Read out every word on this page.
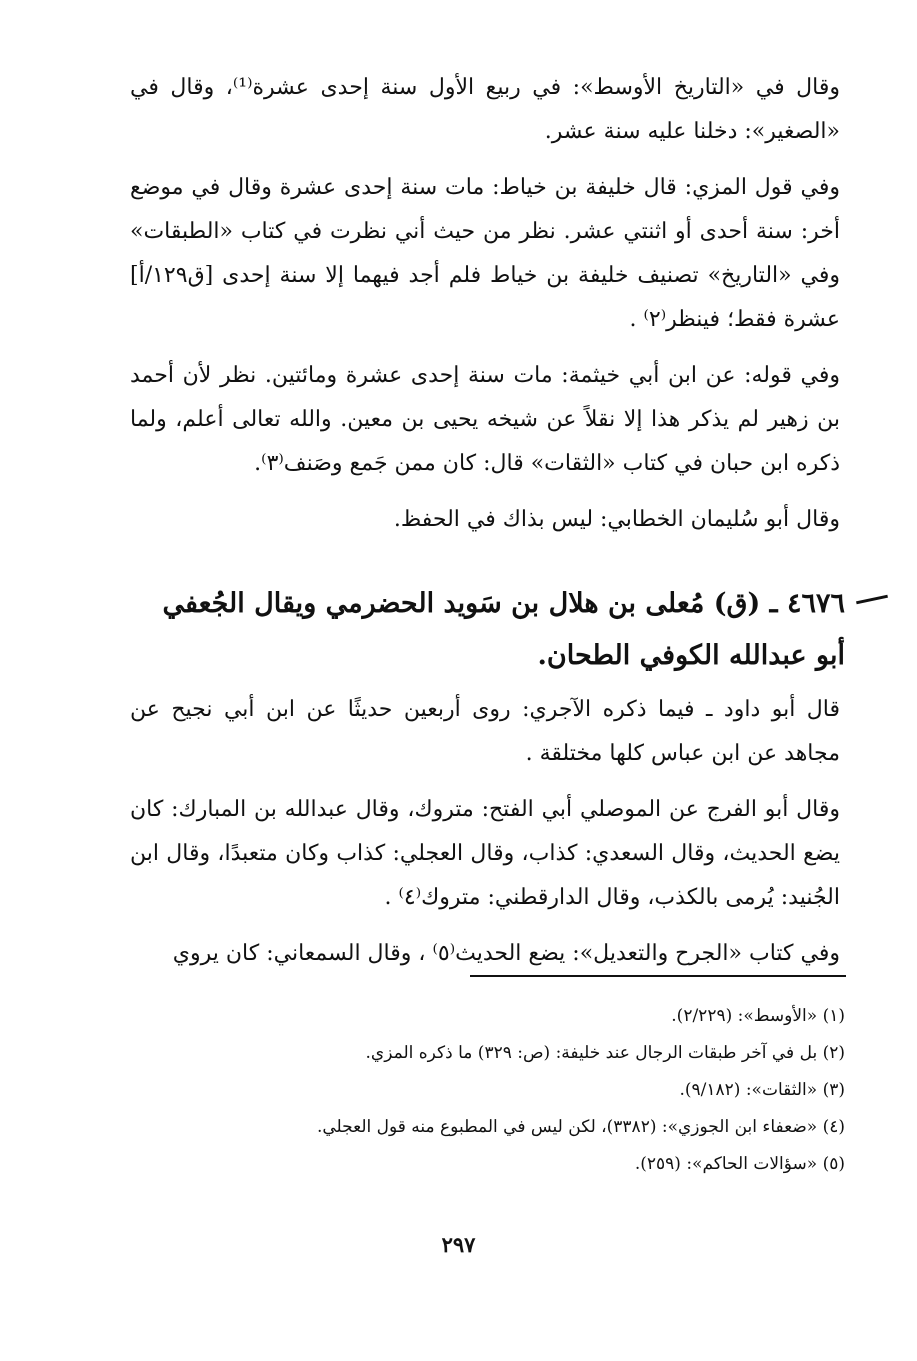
وقال في «التاريخ الأوسط»: في ربيع الأول سنة إحدى عشرة⁽¹⁾، وقال في «الصغير»: دخلنا عليه سنة عشر.

وفي قول المزي: قال خليفة بن خياط: مات سنة إحدى عشرة وقال في موضع أخر: سنة أحدى أو اثنتي عشر. نظر من حيث أني نظرت في كتاب «الطبقات» وفي «التاريخ» تصنيف خليفة بن خياط فلم أجد فيهما إلا سنة إحدى [ق١٢٩/أ] عشرة فقط؛ فينظر⁽٢⁾ .

وفي قوله: عن ابن أبي خيثمة: مات سنة إحدى عشرة ومائتين. نظر لأن أحمد بن زهير لم يذكر هذا إلا نقلاً عن شيخه يحيى بن معين. والله تعالى أعلم، ولما ذكره ابن حبان في كتاب «الثقات» قال: كان ممن جَمع وصَنف⁽٣⁾.

وقال أبو سُليمان الخطابي: ليس بذاك في الحفظ.

٤٦٧٦ ـ (ق) مُعلى بن هلال بن سَويد الحضرمي ويقال الجُعفي أبو عبدالله الكوفي الطحان.

قال أبو داود ـ فيما ذكره الآجري: روى أربعين حديثًا عن ابن أبي نجيح عن مجاهد عن ابن عباس كلها مختلقة .

وقال أبو الفرج عن الموصلي أبي الفتح: متروك، وقال عبدالله بن المبارك: كان يضع الحديث، وقال السعدي: كذاب، وقال العجلي: كذاب وكان متعبدًا، وقال ابن الجُنيد: يُرمى بالكذب، وقال الدارقطني: متروك⁽٤⁾ .

وفي كتاب «الجرح والتعديل»: يضع الحديث⁽٥⁾ ، وقال السمعاني: كان يروي

(١) «الأوسط»: (٢/٢٢٩).

(٢) بل في آخر طبقات الرجال عند خليفة: (ص: ٣٢٩) ما ذكره المزي.

(٣) «الثقات»: (٩/١٨٢).

(٤) «ضعفاء ابن الجوزي»: (٣٣٨٢)، لكن ليس في المطبوع منه قول العجلي.

(٥) «سؤالات الحاكم»: (٢٥٩).

٢٩٧
